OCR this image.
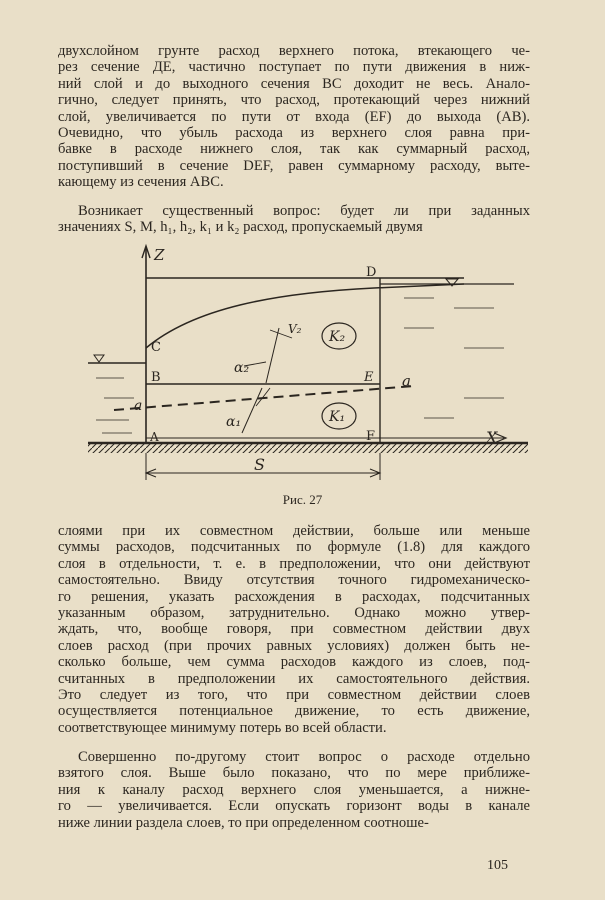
двухслойном грунте расход верхнего потока, втекающего че-
рез сечение ДЕ, частично поступает по пути движения в ниж-
ний слой и до выходного сечения ВС доходит не весь. Анало-
гично, следует принять, что расход, протекающий через нижний
слой, увеличивается по пути от входа (EF) до выхода (АВ).
Очевидно, что убыль расхода из верхнего слоя равна при-
бавке в расходе нижнего слоя, так как суммарный расход,
поступивший в сечение DEF, равен суммарному расходу, выте-
кающему из сечения АВС.

Возникает существенный вопрос: будет ли при заданных
значениях S, M, h₁, h₂, k₁ и k₂ расход, пропускаемый двумя

Z
X
C
B
a
A
D
Е a
F
K₂
K₁
V₂
α₂
α₁
S
Рис. 27

слоями при их совместном действии, больше или меньше
суммы расходов, подсчитанных по формуле (1.8) для каждого
слоя в отдельности, т. е. в предположении, что они действуют
самостоятельно. Ввиду отсутствия точного гидромеханическо-
го решения, указать расхождения в расходах, подсчитанных
указанным образом, затруднительно. Однако можно утвер-
ждать, что, вообще говоря, при совместном действии двух
слоев расход (при прочих равных условиях) должен быть не-
сколько больше, чем сумма расходов каждого из слоев, под-
считанных в предположении их самостоятельного действия.
Это следует из того, что при совместном действии слоев
осуществляется потенциальное движение, то есть движение,
соответствующее минимуму потерь во всей области.

Совершенно по-другому стоит вопрос о расходе отдельно
взятого слоя. Выше было показано, что по мере приближе-
ния к каналу расход верхнего слоя уменьшается, а нижне-
го — увеличивается. Если опускать горизонт воды в канале
ниже линии раздела слоев, то при определенном соотноше-

105
